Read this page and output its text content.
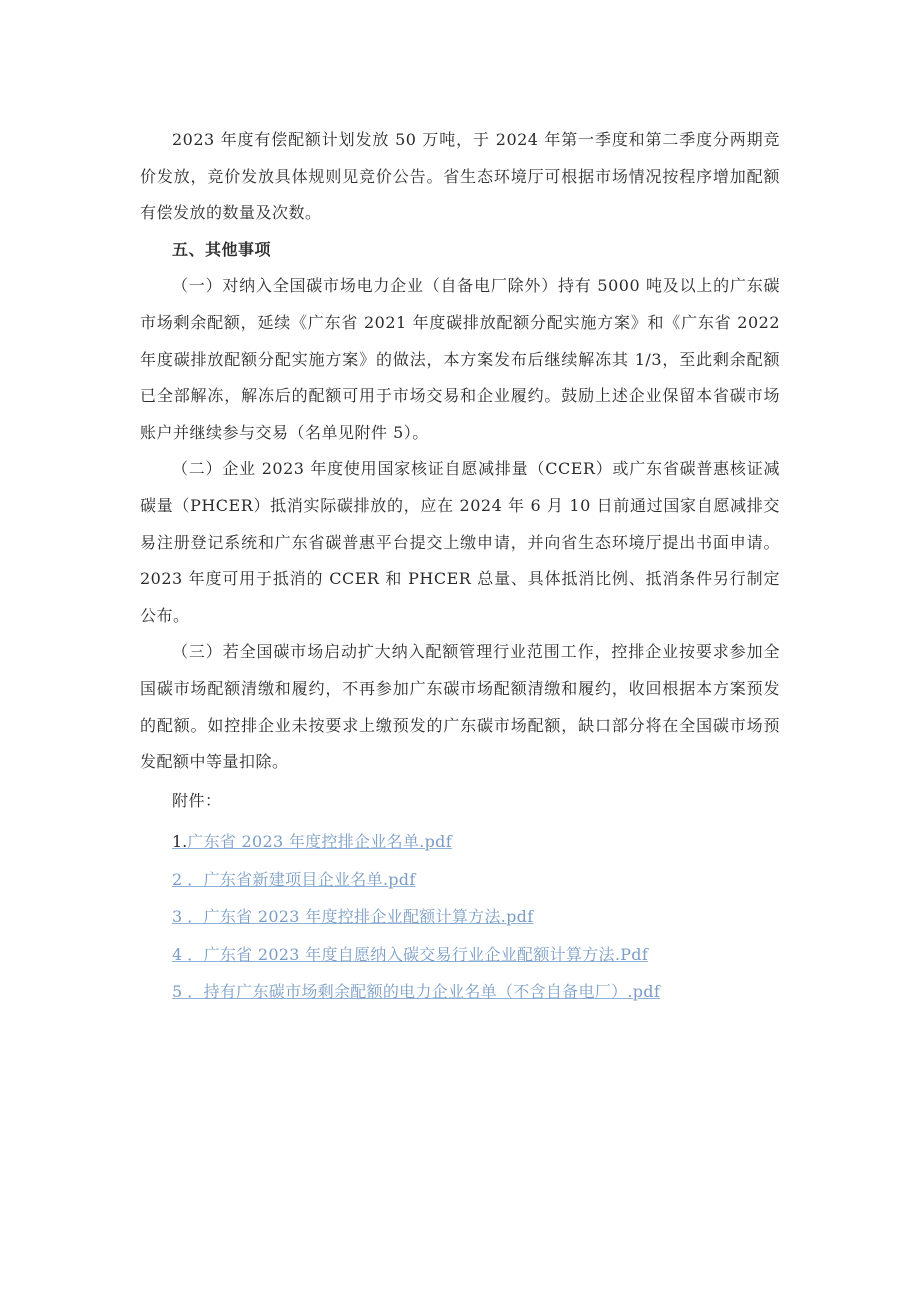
2023 年度有偿配额计划发放 50 万吨，于 2024 年第一季度和第二季度分两期竞价发放，竞价发放具体规则见竞价公告。省生态环境厅可根据市场情况按程序增加配额有偿发放的数量及次数。

五、其他事项

（一）对纳入全国碳市场电力企业（自备电厂除外）持有 5000 吨及以上的广东碳市场剩余配额，延续《广东省 2021 年度碳排放配额分配实施方案》和《广东省 2022 年度碳排放配额分配实施方案》的做法，本方案发布后继续解冻其 1/3，至此剩余配额已全部解冻，解冻后的配额可用于市场交易和企业履约。鼓励上述企业保留本省碳市场账户并继续参与交易（名单见附件 5）。

（二）企业 2023 年度使用国家核证自愿减排量（CCER）或广东省碳普惠核证减碳量（PHCER）抵消实际碳排放的，应在 2024 年 6 月 10 日前通过国家自愿减排交易注册登记系统和广东省碳普惠平台提交上缴申请，并向省生态环境厅提出书面申请。2023 年度可用于抵消的 CCER 和 PHCER 总量、具体抵消比例、抵消条件另行制定公布。

（三）若全国碳市场启动扩大纳入配额管理行业范围工作，控排企业按要求参加全国碳市场配额清缴和履约，不再参加广东碳市场配额清缴和履约，收回根据本方案预发的配额。如控排企业未按要求上缴预发的广东碳市场配额，缺口部分将在全国碳市场预发配额中等量扣除。

附件：

1.广东省 2023 年度控排企业名单.pdf
2 ．广东省新建项目企业名单.pdf
3 ．广东省 2023 年度控排企业配额计算方法.pdf
4 ．广东省 2023 年度自愿纳入碳交易行业企业配额计算方法.Pdf
5 ．持有广东碳市场剩余配额的电力企业名单（不含自备电厂）.pdf
